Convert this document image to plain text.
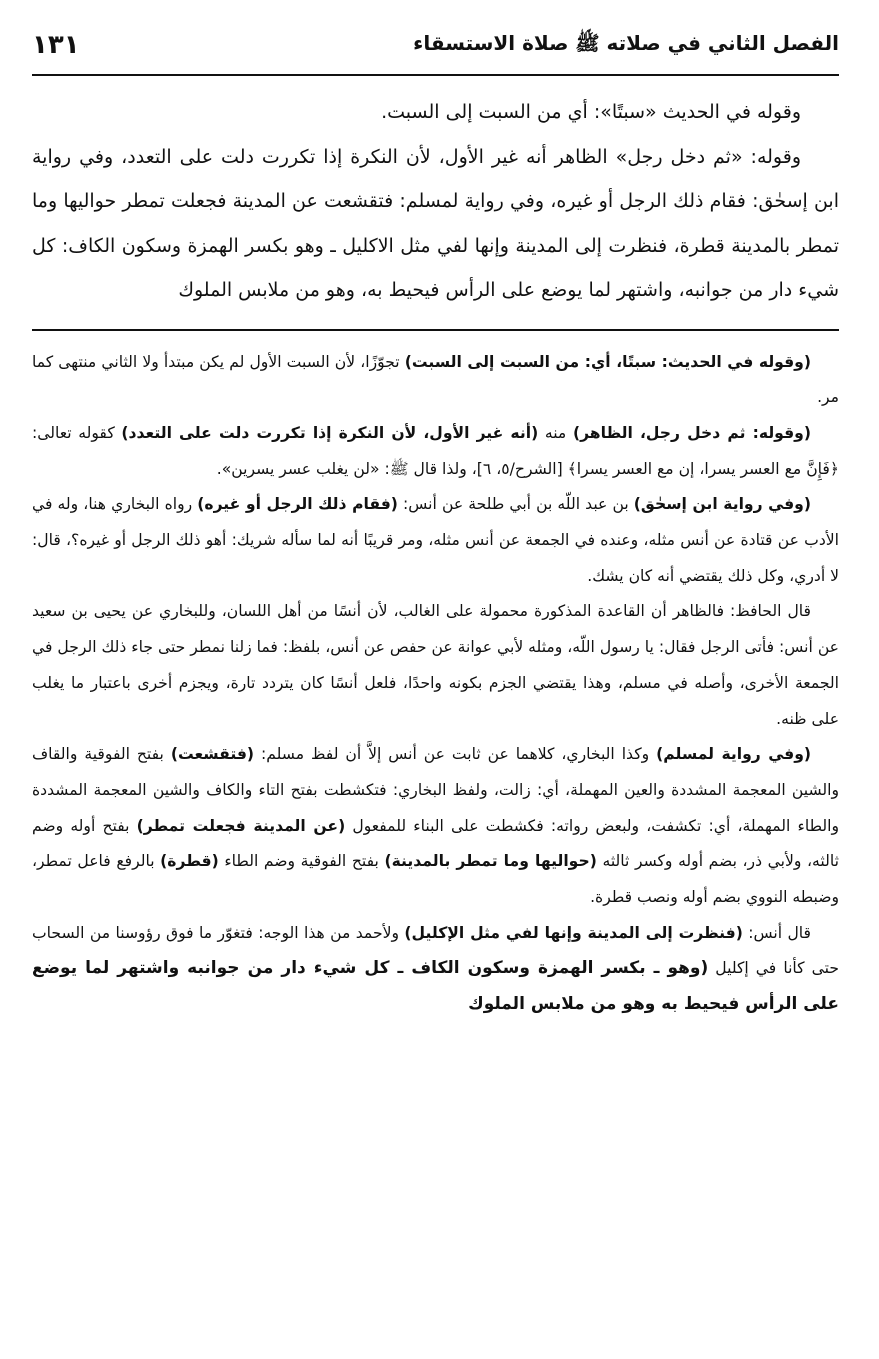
الفصل الثاني في صلاته ﷺ صلاة الاستسقاء
١٣١

وقوله في الحديث «سبتًا»: أي من السبت إلى السبت.

وقوله: «ثم دخل رجل» الظاهر أنه غير الأول، لأن النكرة إذا تكررت دلت على التعدد، وفي رواية ابن إسحٰق: فقام ذلك الرجل أو غيره، وفي رواية لمسلم: فتقشعت عن المدينة فجعلت تمطر حواليها وما تمطر بالمدينة قطرة، فنظرت إلى المدينة وإنها لفي مثل الاكليل ـ وهو بكسر الهمزة وسكون الكاف: كل شيء دار من جوانبه، واشتهر لما يوضع على الرأس فيحيط به، وهو من ملابس الملوك

(وقوله في الحديث: سبتًا، أي: من السبت إلى السبت) تجوّزًا، لأن السبت الأول لم يكن مبتدأ ولا الثاني منتهى كما مر.

(وقوله: ثم دخل رجل، الظاهر) منه (أنه غير الأول، لأن النكرة إذا تكررت دلت على التعدد) كقوله تعالى: ﴿فَإِنَّ مع العسر يسرا، إن مع العسر يسرا﴾ [الشرح/٥، ٦]، ولذا قال ﷺ: «لن يغلب عسر يسرين».

(وفي رواية ابن إسحٰق) بن عبد اللّه بن أبي طلحة عن أنس: (فقام ذلك الرجل أو غيره) رواه البخاري هنا، وله في الأدب عن قتادة عن أنس مثله، وعنده في الجمعة عن أنس مثله، ومر قريبًا أنه لما سأله شريك: أهو ذلك الرجل أو غيره؟، قال: لا أدري، وكل ذلك يقتضي أنه كان يشك.

قال الحافظ: فالظاهر أن القاعدة المذكورة محمولة على الغالب، لأن أنسًا من أهل اللسان، وللبخاري عن يحيى بن سعيد عن أنس: فأتى الرجل فقال: يا رسول اللّه، ومثله لأبي عوانة عن حفص عن أنس، بلفظ: فما زلنا نمطر حتى جاء ذلك الرجل في الجمعة الأخرى، وأصله في مسلم، وهذا يقتضي الجزم بكونه واحدًا، فلعل أنسًا كان يتردد تارة، ويجزم أخرى باعتبار ما يغلب على ظنه.

(وفي رواية لمسلم) وكذا البخاري، كلاهما عن ثابت عن أنس إلاَّ أن لفظ مسلم: (فتقشعت) بفتح الفوقية والقاف والشين المعجمة المشددة والعين المهملة، أي: زالت، ولفظ البخاري: فتكشطت بفتح التاء والكاف والشين المعجمة المشددة والطاء المهملة، أي: تكشفت، ولبعض رواته: فكشطت على البناء للمفعول (عن المدينة فجعلت تمطر) بفتح أوله وضم ثالثه، ولأبي ذر، بضم أوله وكسر ثالثه (حواليها وما تمطر بالمدينة) بفتح الفوقية وضم الطاء (قطرة) بالرفع فاعل تمطر، وضبطه النووي بضم أوله ونصب قطرة.

قال أنس: (فنظرت إلى المدينة وإنها لفي مثل الإكليل) ولأحمد من هذا الوجه: فتغوّر ما فوق رؤوسنا من السحاب حتى كأنا في إكليل (وهو ـ بكسر الهمزة وسكون الكاف ـ كل شيء دار من جوانبه واشتهر لما يوضع على الرأس فيحيط به وهو من ملابس الملوك
